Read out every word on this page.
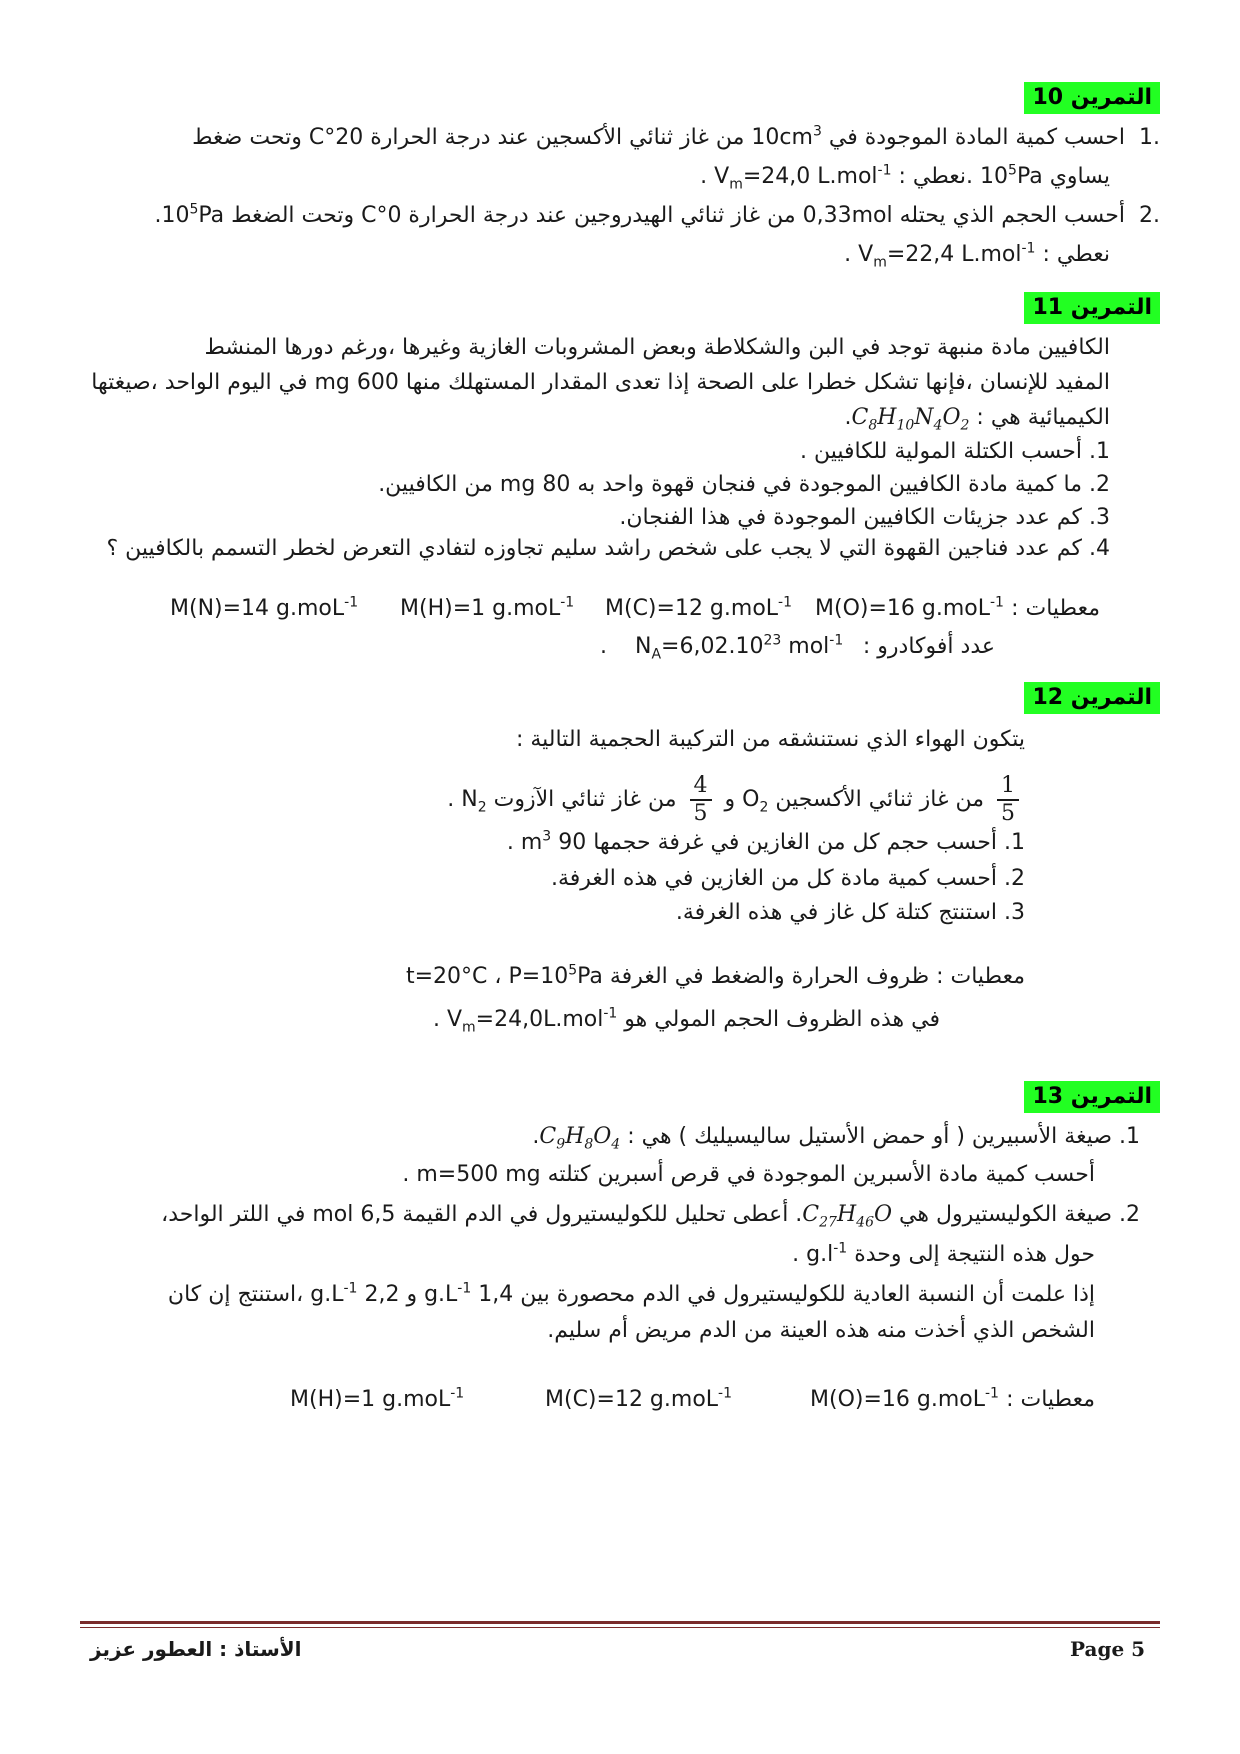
التمرين 10
.1  احسب كمية المادة الموجودة في $10cm^3$ من غاز ثنائي الأكسجين عند درجة الحرارة 20°C وتحت ضغط
يساوي $10^5Pa$ .نعطي : $V_m=24,0$ L.mol$^{-1}$ .
.2  أحسب الحجم الذي يحتله 0,33mol من غاز ثنائي الهيدروجين عند درجة الحرارة 0°C وتحت الضغط $10^5Pa$.
نعطي : $V_m=22,4$ L.mol$^{-1}$ .
التمرين 11
الكافيين مادة منبهة توجد في البن والشكلاطة وبعض المشروبات الغازية وغيرها ،ورغم دورها المنشط
المفيد للإنسان ،فإنها تشكل خطرا على الصحة إذا تعدى المقدار المستهلك منها 600 mg في اليوم الواحد ،صيغتها
الكيميائية هي : $C_8H_{10}N_4O_2$.
1. أحسب الكتلة المولية للكافيين .
2. ما كمية مادة الكافيين الموجودة في فنجان قهوة واحد به 80 mg من الكافيين.
3. كم عدد جزيئات الكافيين الموجودة في هذا الفنجان.
4. كم عدد فناجين القهوة التي لا يجب على شخص راشد سليم تجاوزه لتفادي التعرض لخطر التسمم بالكافيين ؟
معطيات :
M(O)=16 g.moL$^{-1}$
M(C)=12 g.moL$^{-1}$
M(H)=1 g.moL$^{-1}$
M(N)=14 g.moL$^{-1}$
عدد أفوكادرو :
$N_A=6,02.10^{23}$ mol$^{-1}$
.
التمرين 12
يتكون الهواء الذي نستنشقه من التركيبة الحجمية التالية :
$\frac{1}{5}$
من غاز ثنائي الأكسجين $O_2$ و
$\frac{4}{5}$
من غاز ثنائي الآزوت $N_2$ .
1. أحسب حجم كل من الغازين في غرفة حجمها 90 $m^3$ .
2. أحسب كمية مادة كل من الغازين في هذه الغرفة.
3. استنتج كتلة كل غاز في هذه الغرفة.
معطيات : ظروف الحرارة والضغط في الغرفة t=20°C ، $P=10^5Pa$
في هذه الظروف الحجم المولي هو $V_m=24,0L.mol^{-1}$ .
التمرين 13
1. صيغة الأسبيرين ( أو حمض الأستيل ساليسيليك ) هي : $C_9H_8O_4$.
أحسب كمية مادة الأسبرين الموجودة في قرص أسبرين كتلته m=500 mg .
2. صيغة الكوليستيرول هي $C_{27}H_{46}O$. أعطى تحليل للكوليستيرول في الدم القيمة 6,5 mol في اللتر الواحد،
حول هذه النتيجة إلى وحدة $g.l^{-1}$ .
إذا علمت أن النسبة العادية للكوليستيرول في الدم محصورة بين 1,4 $g.L^{-1}$ و 2,2 $g.L^{-1}$ ،استنتج إن كان
الشخص الذي أخذت منه هذه العينة من الدم مريض أم سليم.
معطيات :
M(O)=16 g.moL$^{-1}$
M(C)=12 g.moL$^{-1}$
M(H)=1 g.moL$^{-1}$
Page 5
الأستاذ : العطور عزيز
